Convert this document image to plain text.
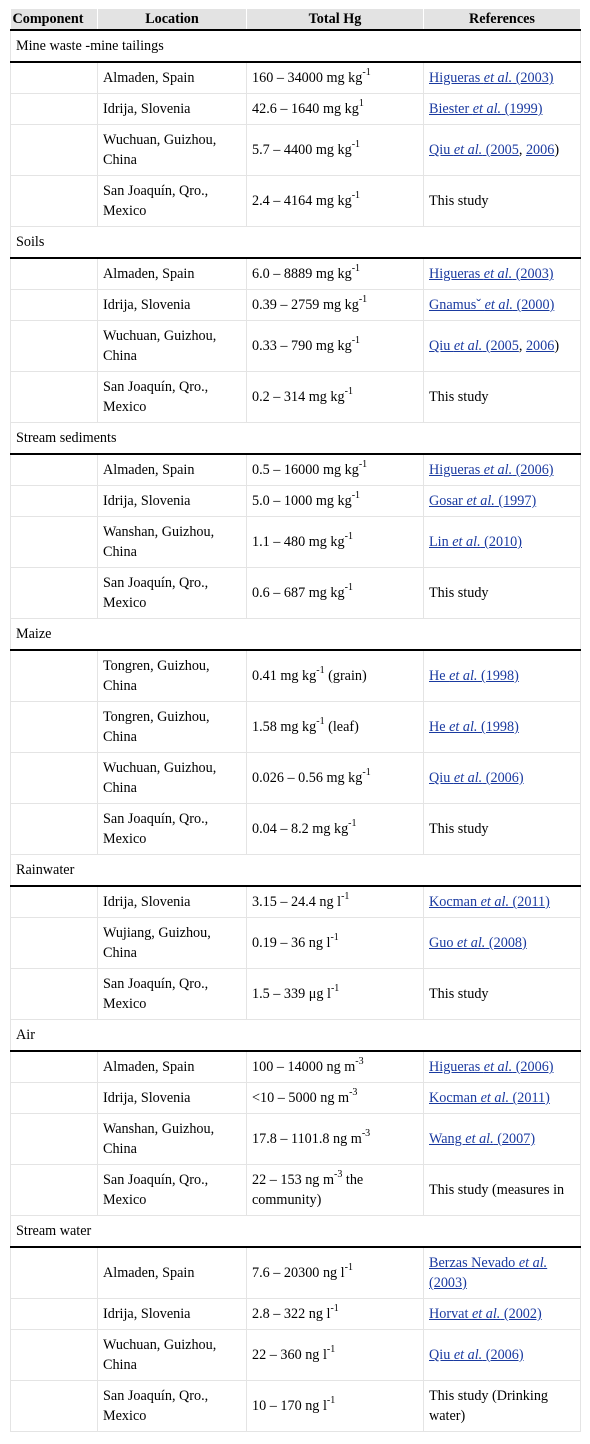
Component	Location	Total Hg	References
Mine waste -mine tailings			
	Almaden, Spain	160 – 34000 mg $kg^{-1}$	Higueras et al. (2003)
	Idrija, Slovenia	42.6 – 1640 mg $kg^1$	Biester et al. (1999)
	Wuchuan, Guizhou, China	5.7 – 4400 mg $kg^{-1}$	Qiu et al. (2005, 2006)
	San Joaquín, Qro., Mexico	2.4 – 4164 mg $kg^{-1}$	This study
Soils			
	Almaden, Spain	6.0 – 8889 mg $kg^{-1}$	Higueras et al. (2003)
	Idrija, Slovenia	0.39 – 2759 mg $kg^{-1}$	Gnamusˇ et al. (2000)
	Wuchuan, Guizhou, China	0.33 – 790 mg $kg^{-1}$	Qiu et al. (2005, 2006)
	San Joaquín, Qro., Mexico	0.2 – 314 mg $kg^{-1}$	This study
Stream sediments			
	Almaden, Spain	0.5 – 16000 mg $kg^{-1}$	Higueras et al. (2006)
	Idrija, Slovenia	5.0 – 1000 mg $kg^{-1}$	Gosar et al. (1997)
	Wanshan, Guizhou, China	1.1 – 480 mg $kg^{-1}$	Lin et al. (2010)
	San Joaquín, Qro., Mexico	0.6 – 687 mg $kg^{-1}$	This study
Maize			
	Tongren, Guizhou, China	0.41 mg $kg^{-1}$ (grain)	He et al. (1998)
	Tongren, Guizhou, China	1.58 mg $kg^{-1}$ (leaf)	He et al. (1998)
	Wuchuan, Guizhou, China	0.026 – 0.56 mg $kg^{-1}$	Qiu et al. (2006)
	San Joaquín, Qro., Mexico	0.04 – 8.2 mg $kg^{-1}$	This study
Rainwater			
	Idrija, Slovenia	3.15 – 24.4 ng $l^{-1}$	Kocman et al. (2011)
	Wujiang, Guizhou, China	0.19 – 36 ng $l^{-1}$	Guo et al. (2008)
	San Joaquín, Qro., Mexico	1.5 – 339 μg $l^{-1}$	This study
Air			
	Almaden, Spain	100 – 14000 ng $m^{-3}$	Higueras et al. (2006)
	Idrija, Slovenia	<10 – 5000 ng $m^{-3}$	Kocman et al. (2011)
	Wanshan, Guizhou, China	17.8 – 1101.8 ng $m^{-3}$	Wang et al. (2007)
	San Joaquín, Qro., Mexico	22 – 153 ng $m^{-3}$ the community)	This study (measures in
Stream water			
	Almaden, Spain	7.6 – 20300 ng $l^{-1}$	Berzas Nevado et al. (2003)
	Idrija, Slovenia	2.8 – 322 ng $l^{-1}$	Horvat et al. (2002)
	Wuchuan, Guizhou, China	22 – 360 ng $l^{-1}$	Qiu et al. (2006)
	San Joaquín, Qro., Mexico	10 – 170 ng $l^{-1}$	This study (Drinking water)
